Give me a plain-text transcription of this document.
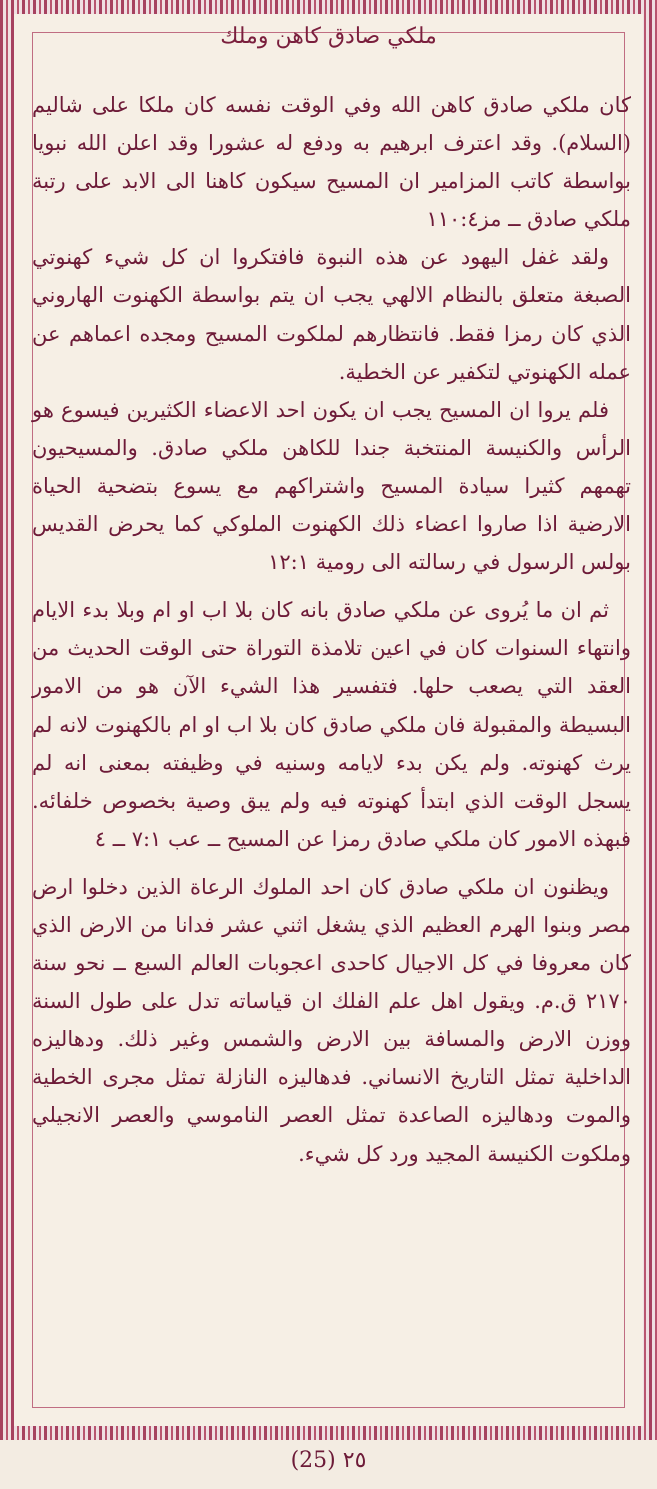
ملكي صادق كاهن وملك

كان ملكي صادق كاهن الله وفي الوقت نفسه كان ملكا على شاليم (السلام). وقد اعترف ابرهيم به ودفع له عشورا وقد اعلن الله نبويا بواسطة كاتب المزامير ان المسيح سيكون كاهنا الى الابد على رتبة ملكي صادق ــ مز١١٠:٤

ولقد غفل اليهود عن هذه النبوة فافتكروا ان كل شيء كهنوتي الصبغة متعلق بالنظام الالهي يجب ان يتم بواسطة الكهنوت الهاروني الذي كان رمزا فقط. فانتظارهم لملكوت المسيح ومجده اعماهم عن عمله الكهنوتي لتكفير عن الخطية.

فلم يروا ان المسيح يجب ان يكون احد الاعضاء الكثيرين فيسوع هو الرأس والكنيسة المنتخبة جندا للكاهن ملكي صادق. والمسيحيون تهمهم كثيرا سيادة المسيح واشتراكهم مع يسوع بتضحية الحياة الارضية اذا صاروا اعضاء ذلك الكهنوت الملوكي كما يحرض القديس بولس الرسول في رسالته الى رومية ١٢:١

ثم ان ما يُروى عن ملكي صادق بانه كان بلا اب او ام وبلا بدء الايام وانتهاء السنوات كان في اعين تلامذة التوراة حتى الوقت الحديث من العقد التي يصعب حلها. فتفسير هذا الشيء الآن هو من الامور البسيطة والمقبولة فان ملكي صادق كان بلا اب او ام بالكهنوت لانه لم يرث كهنوته. ولم يكن بدء لايامه وسنيه في وظيفته بمعنى انه لم يسجل الوقت الذي ابتدأ كهنوته فيه ولم يبق وصية بخصوص خلفائه. فبهذه الامور كان ملكي صادق رمزا عن المسيح ــ عب ٧:١ ــ ٤

ويظنون ان ملكي صادق كان احد الملوك الرعاة الذين دخلوا ارض مصر وبنوا الهرم العظيم الذي يشغل اثني عشر فدانا من الارض الذي كان معروفا في كل الاجيال كاحدى اعجوبات العالم السبع ــ نحو سنة ٢١٧٠ ق.م. ويقول اهل علم الفلك ان قياساته تدل على طول السنة ووزن الارض والمسافة بين الارض والشمس وغير ذلك. ودهاليزه الداخلية تمثل التاريخ الانساني. فدهاليزه النازلة تمثل مجرى الخطية والموت ودهاليزه الصاعدة تمثل العصر الناموسي والعصر الانجيلي وملكوت الكنيسة المجيد ورد كل شيء.

(25) ٢٥
